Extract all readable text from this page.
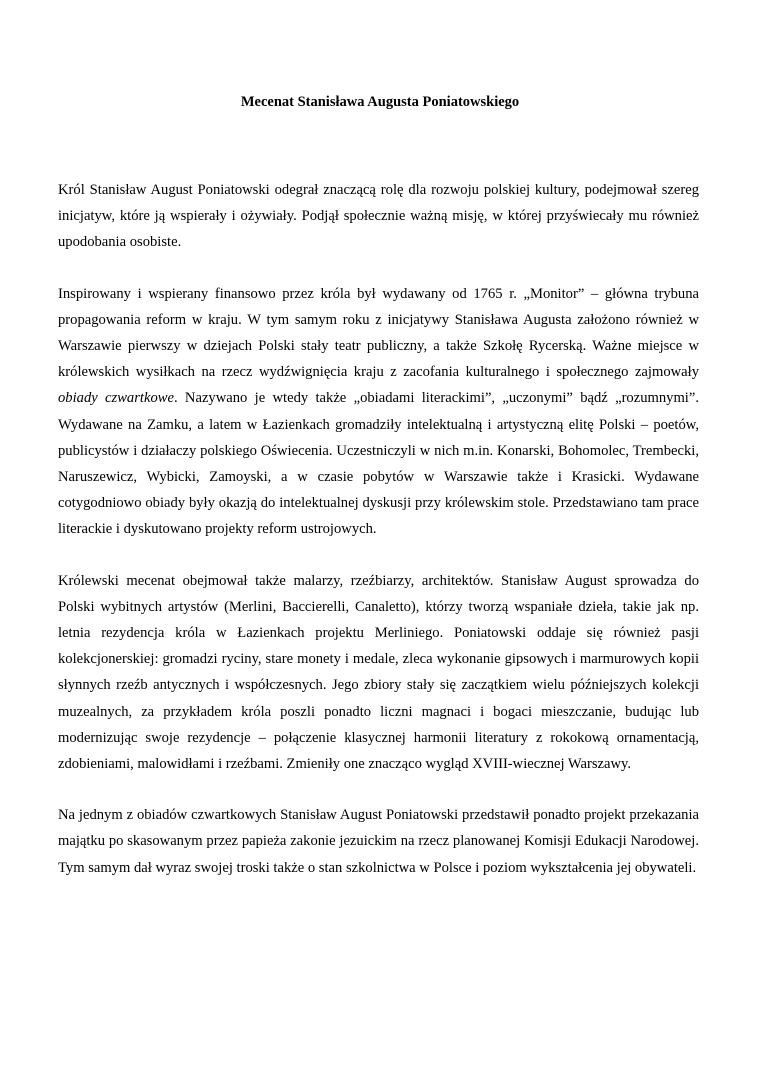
Mecenat Stanisława Augusta Poniatowskiego

Król Stanisław August Poniatowski odegrał znaczącą rolę dla rozwoju polskiej kultury, podejmował szereg inicjatyw, które ją wspierały i ożywiały. Podjął społecznie ważną misję, w której przyświecały mu również upodobania osobiste.

Inspirowany i wspierany finansowo przez króla był wydawany od 1765 r. „Monitor” – główna trybuna propagowania reform w kraju. W tym samym roku z inicjatywy Stanisława Augusta założono również w Warszawie pierwszy w dziejach Polski stały teatr publiczny, a także Szkołę Rycerską. Ważne miejsce w królewskich wysiłkach na rzecz wydźwignięcia kraju z zacofania kulturalnego i społecznego zajmowały obiady czwartkowe. Nazywano je wtedy także „obiadami literackimi”, „uczonymi” bądź „rozumnymi”. Wydawane na Zamku, a latem w Łazienkach gromadziły intelektualną i artystyczną elitę Polski – poetów, publicystów i działaczy polskiego Oświecenia. Uczestniczyli w nich m.in. Konarski, Bohomolec, Trembecki, Naruszewicz, Wybicki, Zamoyski, a w czasie pobytów w Warszawie także i Krasicki. Wydawane cotygodniowo obiady były okazją do intelektualnej dyskusji przy królewskim stole. Przedstawiano tam prace literackie i dyskutowano projekty reform ustrojowych.

Królewski mecenat obejmował także malarzy, rzeźbiarzy, architektów. Stanisław August sprowadza do Polski wybitnych artystów (Merlini, Baccierelli, Canaletto), którzy tworzą wspaniałe dzieła, takie jak np. letnia rezydencja króla w Łazienkach projektu Merliniego. Poniatowski oddaje się również pasji kolekcjonerskiej: gromadzi ryciny, stare monety i medale, zleca wykonanie gipsowych i marmurowych kopii słynnych rzeźb antycznych i współczesnych. Jego zbiory stały się zaczątkiem wielu późniejszych kolekcji muzealnych, za przykładem króla poszli ponadto liczni magnaci i bogaci mieszczanie, budując lub modernizując swoje rezydencje – połączenie klasycznej harmonii literatury z rokokową ornamentacją, zdobieniami, malowidłami i rzeźbami. Zmieniły one znacząco wygląd XVIII-wiecznej Warszawy.

Na jednym z obiadów czwartkowych Stanisław August Poniatowski przedstawił ponadto projekt przekazania majątku po skasowanym przez papieża zakonie jezuickim na rzecz planowanej Komisji Edukacji Narodowej. Tym samym dał wyraz swojej troski także o stan szkolnictwa w Polsce i poziom wykształcenia jej obywateli.
